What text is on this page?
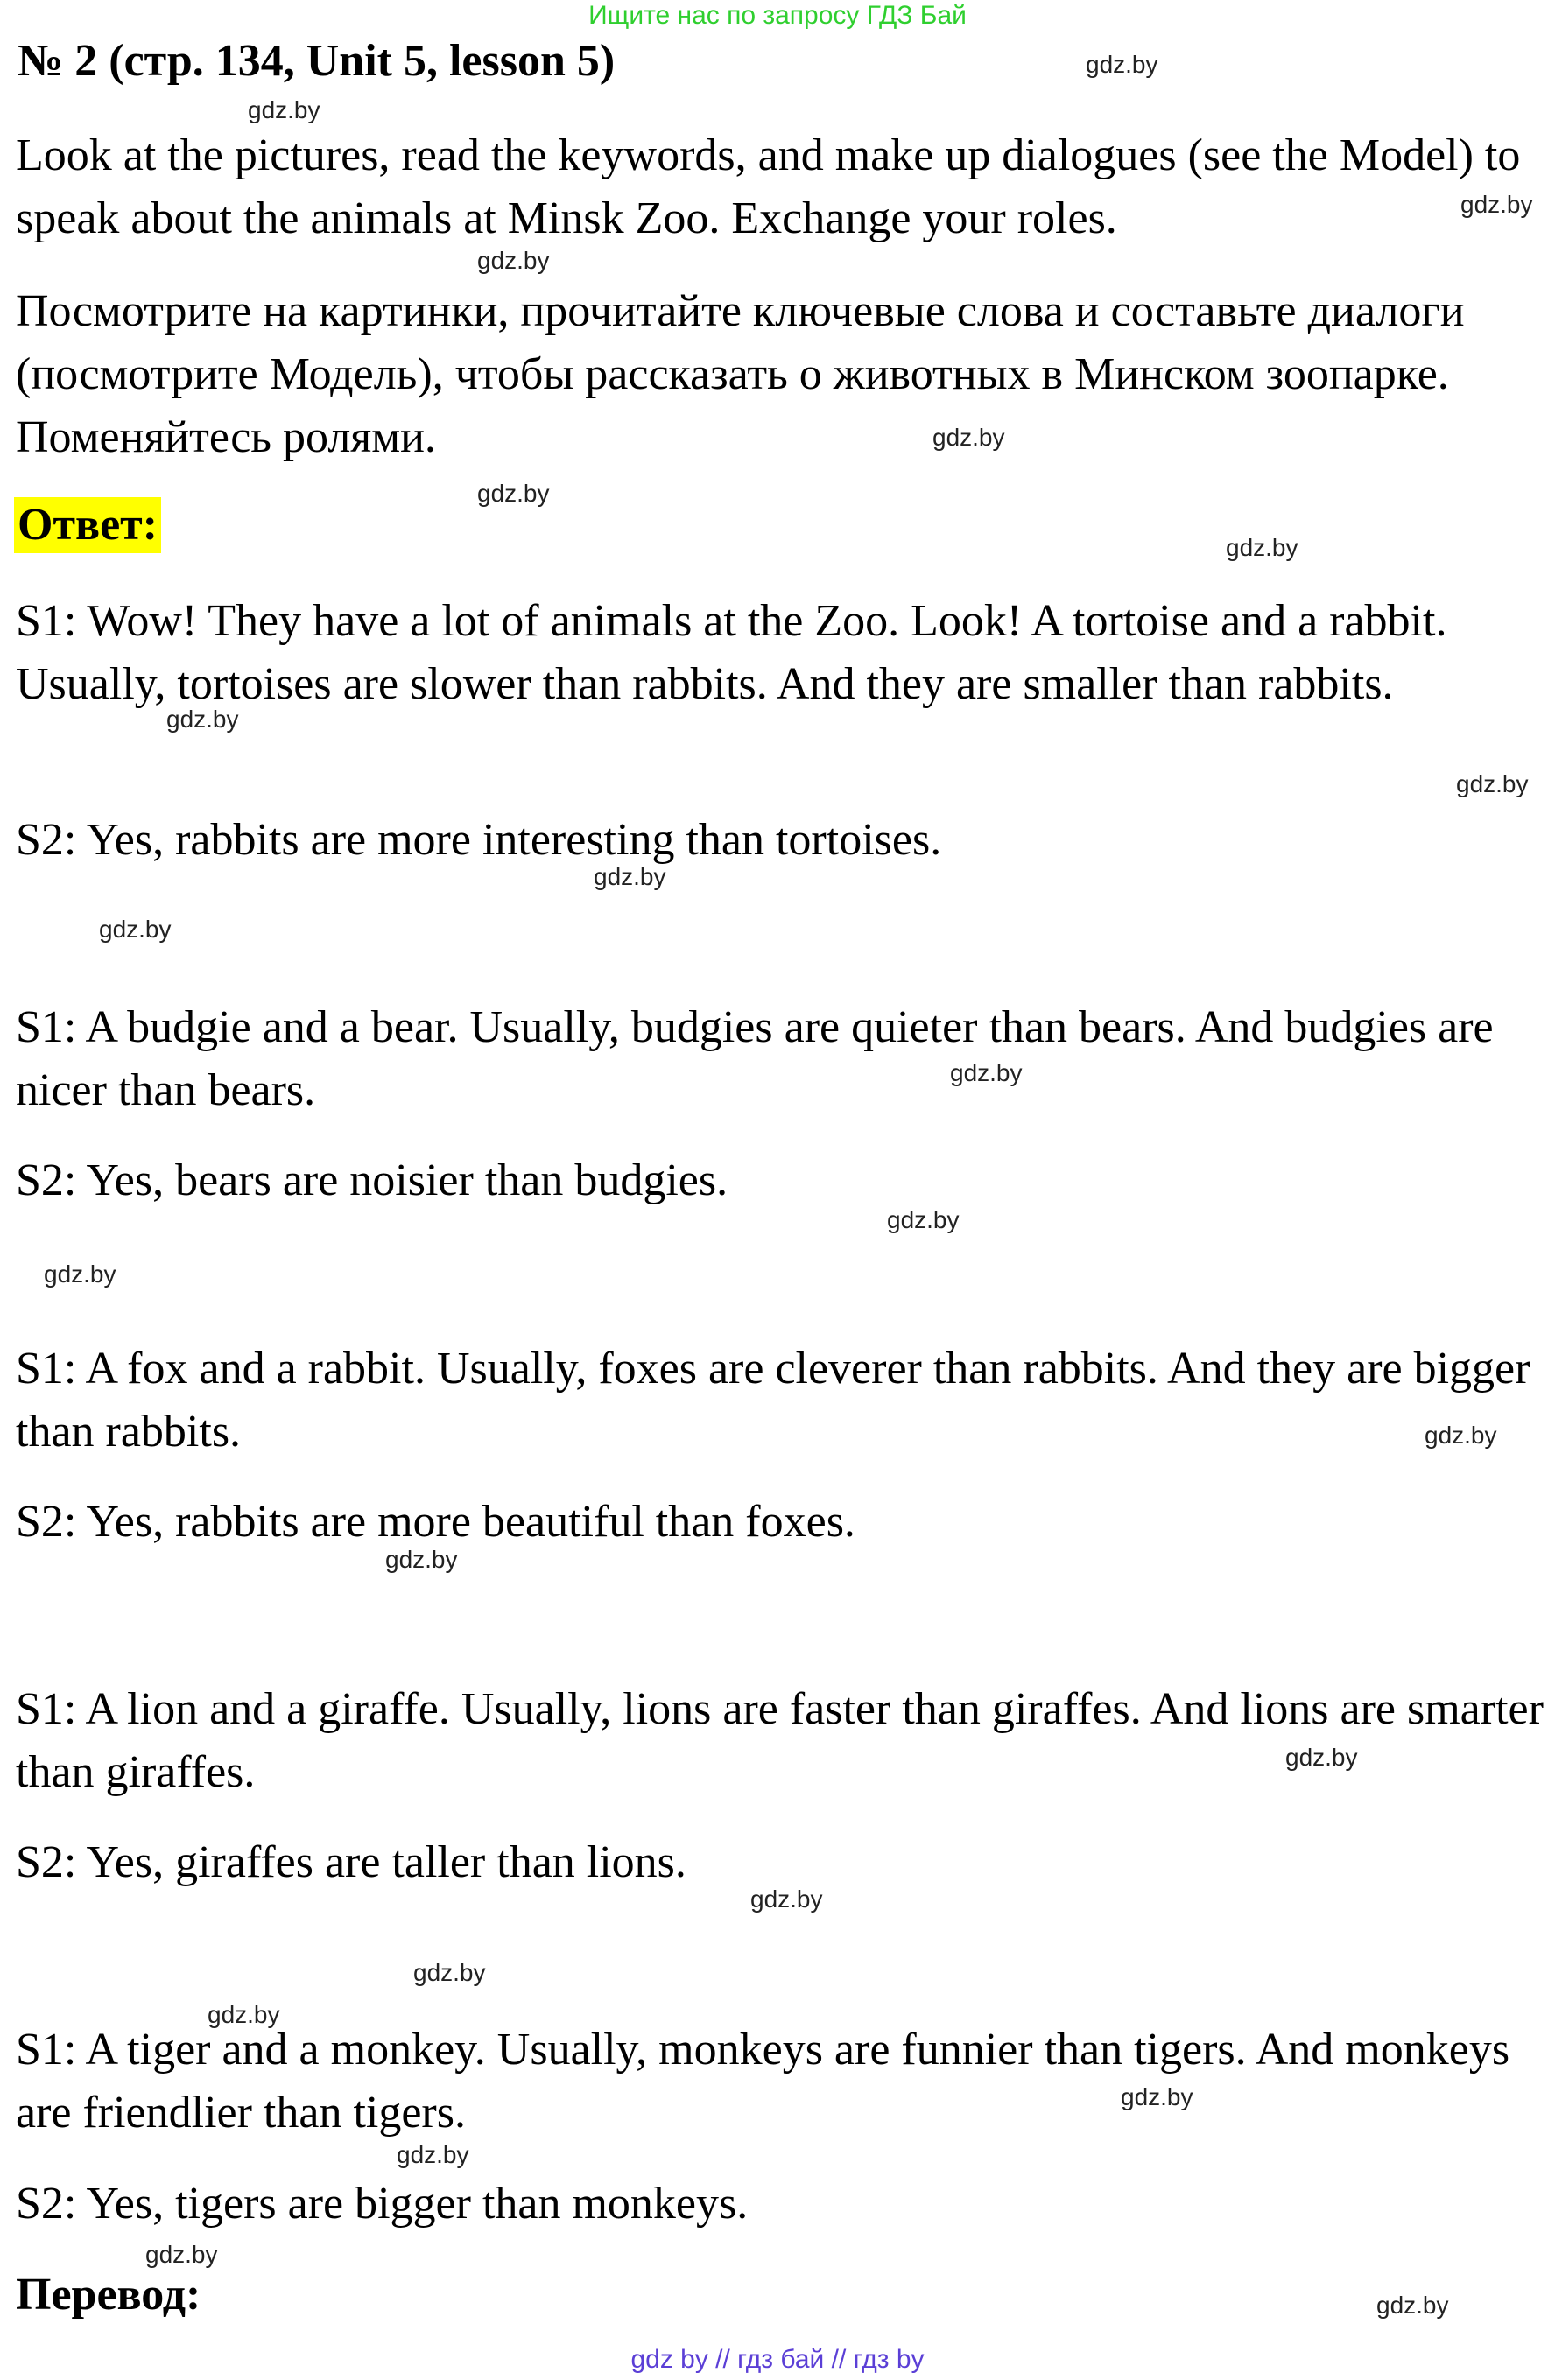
Ищите нас по запросу ГДЗ Бай
№ 2 (стр. 134, Unit 5, lesson 5)
Look at the pictures, read the keywords, and make up dialogues (see the Model) to speak about the animals at Minsk Zoo. Exchange your roles.
Посмотрите на картинки, прочитайте ключевые слова и составьте диалоги (посмотрите Модель), чтобы рассказать о животных в Минском зоопарке. Поменяйтесь ролями.
Ответ:
S1: Wow! They have a lot of animals at the Zoo. Look! A tortoise and a rabbit. Usually, tortoises are slower than rabbits. And they are smaller than rabbits.
S2: Yes, rabbits are more interesting than tortoises.
S1: A budgie and a bear. Usually, budgies are quieter than bears. And budgies are nicer than bears.
S2: Yes, bears are noisier than budgies.
S1: A fox and a rabbit. Usually, foxes are cleverer than rabbits. And they are bigger than rabbits.
S2: Yes, rabbits are more beautiful than foxes.
S1: A lion and a giraffe. Usually, lions are faster than giraffes. And lions are smarter than giraffes.
S2: Yes, giraffes are taller than lions.
S1: A tiger and a monkey. Usually, monkeys are funnier than tigers. And monkeys are friendlier than tigers.
S2: Yes, tigers are bigger than monkeys.
Перевод:
gdz.by
gdz.by
gdz.by
gdz.by
gdz.by
gdz.by
gdz.by
gdz.by
gdz.by
gdz.by
gdz.by
gdz.by
gdz.by
gdz.by
gdz.by
gdz.by
gdz.by
gdz.by
gdz.by
gdz.by
gdz.by
gdz.by
gdz.by
gdz.by
gdz by // гдз бай // гдз by
